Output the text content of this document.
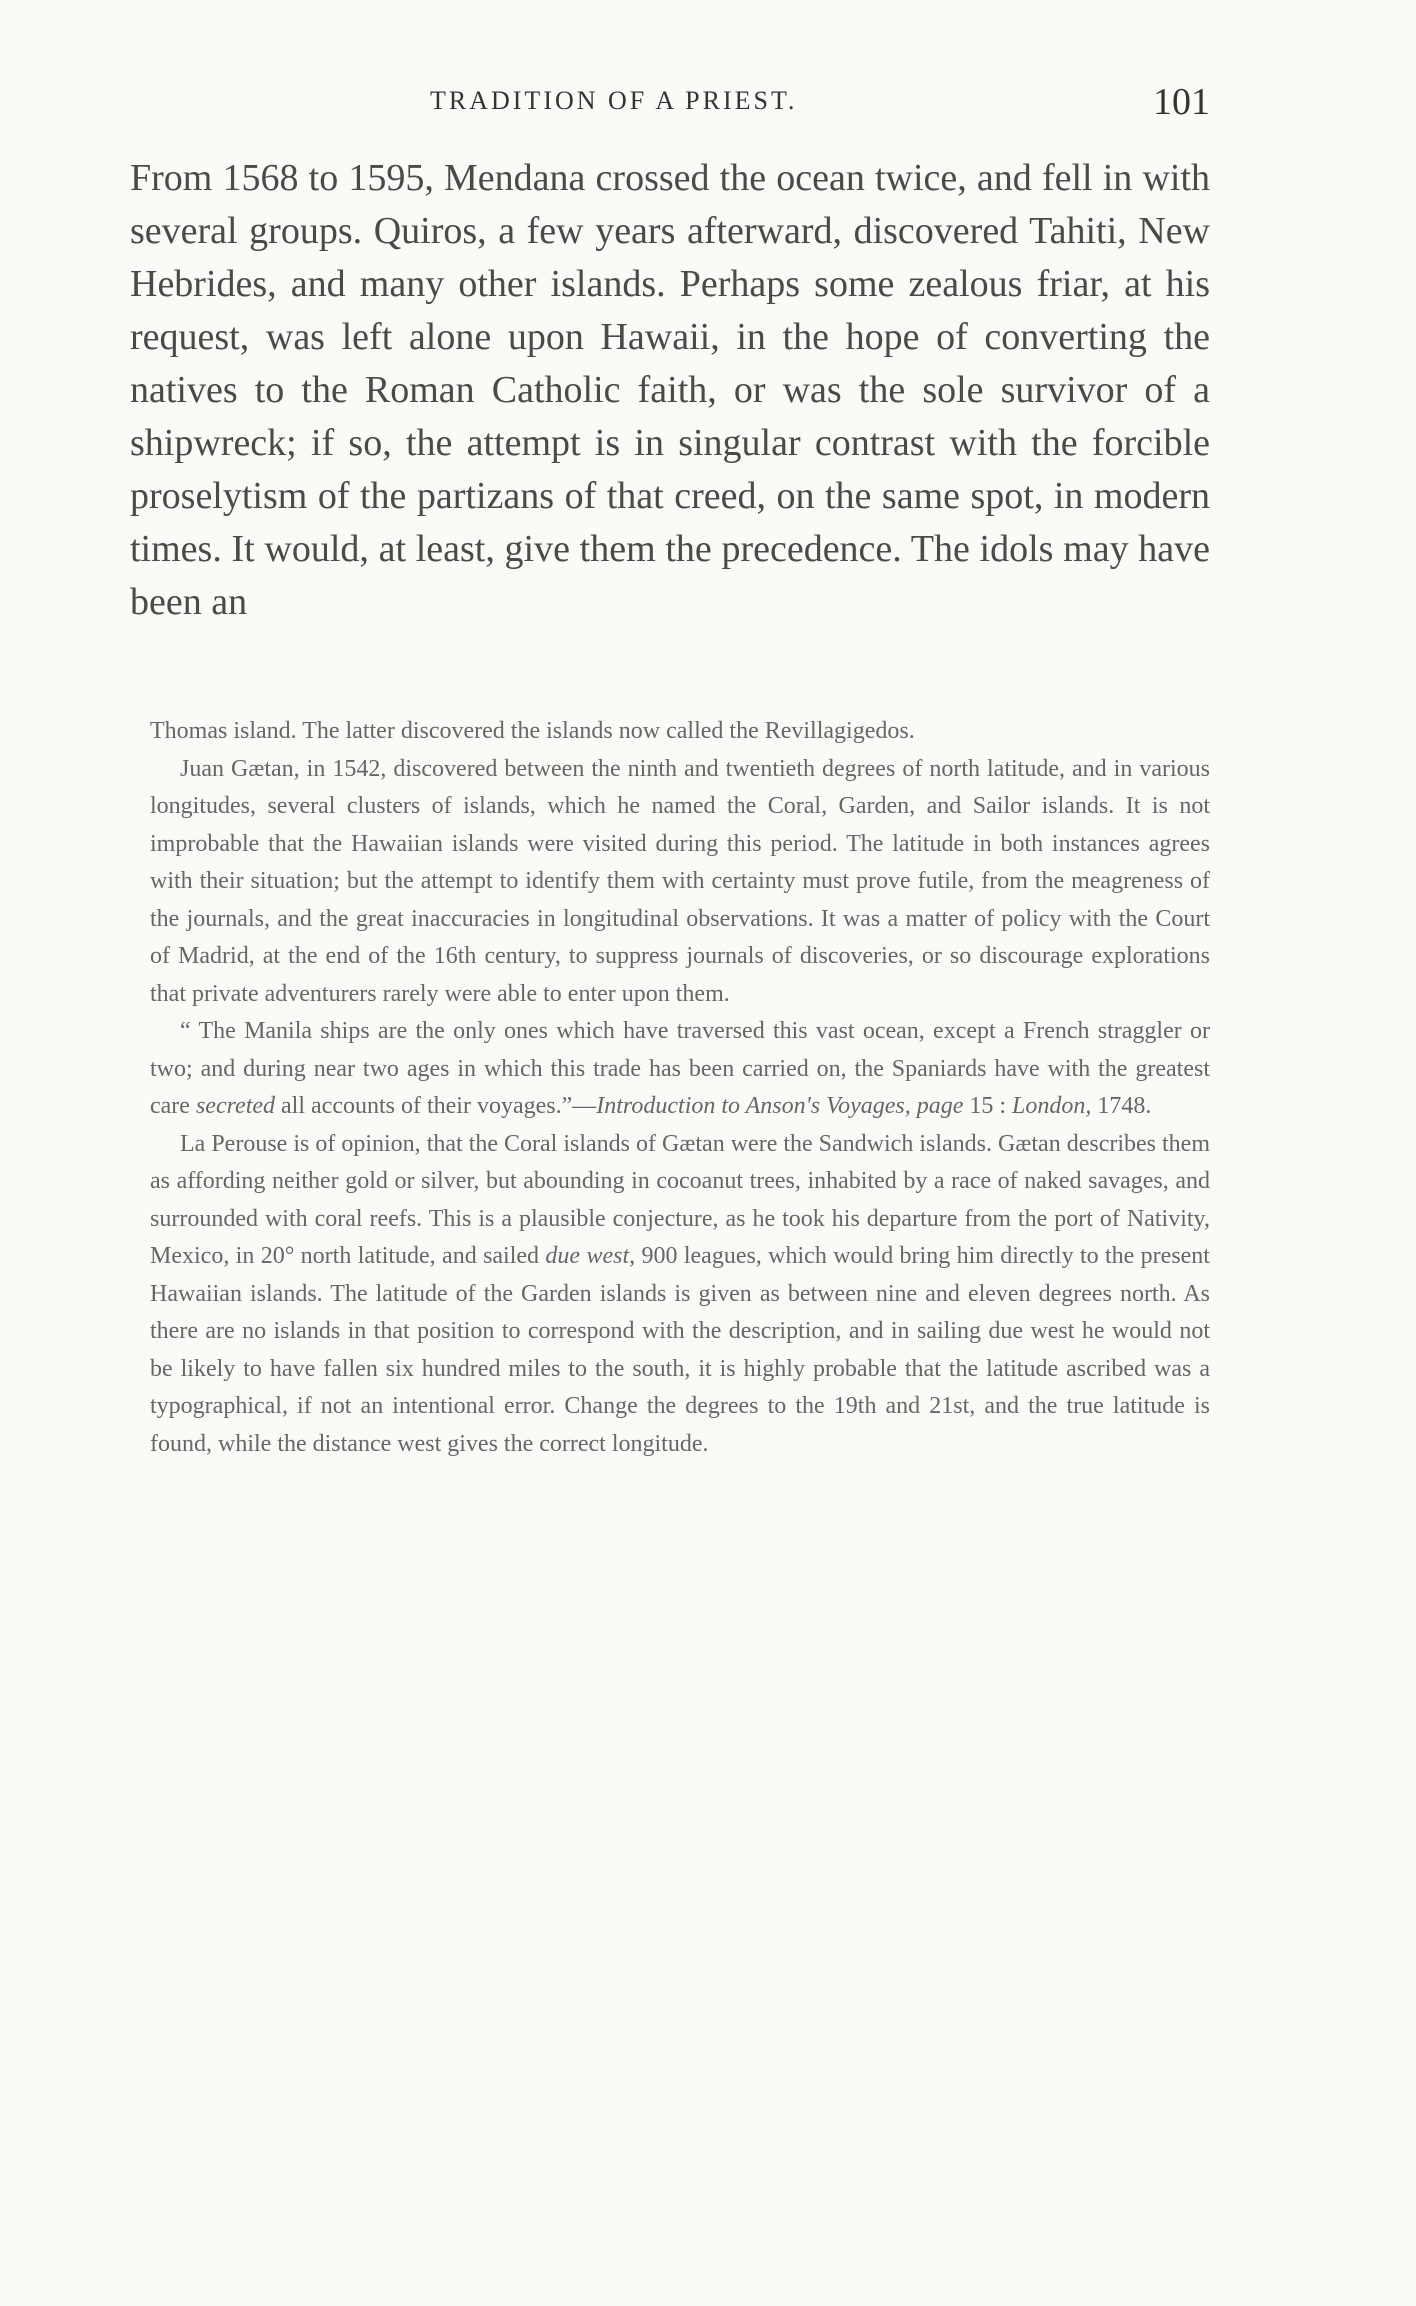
TRADITION OF A PRIEST.	101

From 1568 to 1595, Mendana crossed the ocean twice, and fell in with several groups. Quiros, a few years afterward, discovered Tahiti, New Hebrides, and many other islands. Perhaps some zealous friar, at his request, was left alone upon Hawaii, in the hope of converting the natives to the Roman Catholic faith, or was the sole survivor of a shipwreck; if so, the attempt is in singular contrast with the forcible proselytism of the partizans of that creed, on the same spot, in modern times. It would, at least, give them the precedence. The idols may have been an

Thomas island. The latter discovered the islands now called the Revillagigedos.

Juan Gætan, in 1542, discovered between the ninth and twentieth degrees of north latitude, and in various longitudes, several clusters of islands, which he named the Coral, Garden, and Sailor islands. It is not improbable that the Hawaiian islands were visited during this period. The latitude in both instances agrees with their situation; but the attempt to identify them with certainty must prove futile, from the meagreness of the journals, and the great inaccuracies in longitudinal observations. It was a matter of policy with the Court of Madrid, at the end of the 16th century, to suppress journals of discoveries, or so discourage explorations that private adventurers rarely were able to enter upon them.

“ The Manila ships are the only ones which have traversed this vast ocean, except a French straggler or two; and during near two ages in which this trade has been carried on, the Spaniards have with the greatest care secreted all accounts of their voyages.”—Introduction to Anson's Voyages, page 15 : London, 1748.

La Perouse is of opinion, that the Coral islands of Gætan were the Sandwich islands. Gætan describes them as affording neither gold or silver, but abounding in cocoanut trees, inhabited by a race of naked savages, and surrounded with coral reefs. This is a plausible conjecture, as he took his departure from the port of Nativity, Mexico, in 20° north latitude, and sailed due west, 900 leagues, which would bring him directly to the present Hawaiian islands. The latitude of the Garden islands is given as between nine and eleven degrees north. As there are no islands in that position to correspond with the description, and in sailing due west he would not be likely to have fallen six hundred miles to the south, it is highly probable that the latitude ascribed was a typographical, if not an intentional error. Change the degrees to the 19th and 21st, and the true latitude is found, while the distance west gives the correct longitude.
